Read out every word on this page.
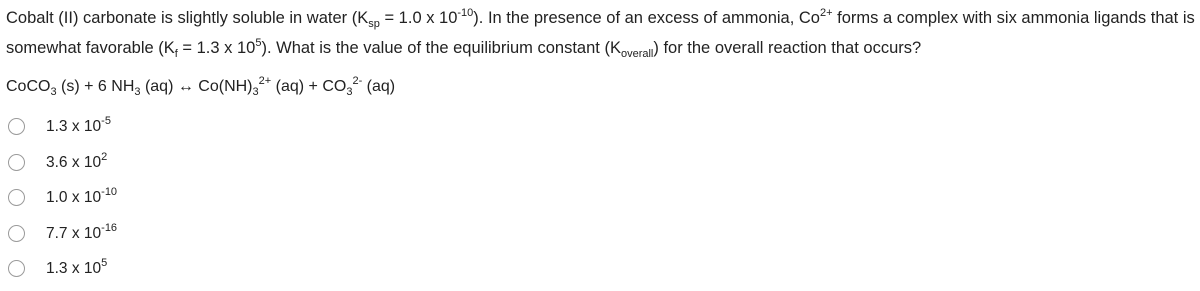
Cobalt (II) carbonate is slightly soluble in water ($K_{sp} = 1.0$ x $10^{-10}$). In the presence of an excess of ammonia, $Co^{2+}$ forms a complex with six ammonia ligands that is somewhat favorable ($K_f = 1.3$ x $10^5$). What is the value of the equilibrium constant $(K_{overall})$ for the overall reaction that occurs?
CoCO$_3$ (s) + 6 $NH_3$ (aq) ↔ $Co(NH)_3^{2+}$ $(aq) + CO_3^{2-}$ (aq)
1.3 x $10^{-5}$
3.6 x $10^2$
1.0 x $10^{-10}$
7.7 x $10^{-16}$
1.3 x $10^5$
